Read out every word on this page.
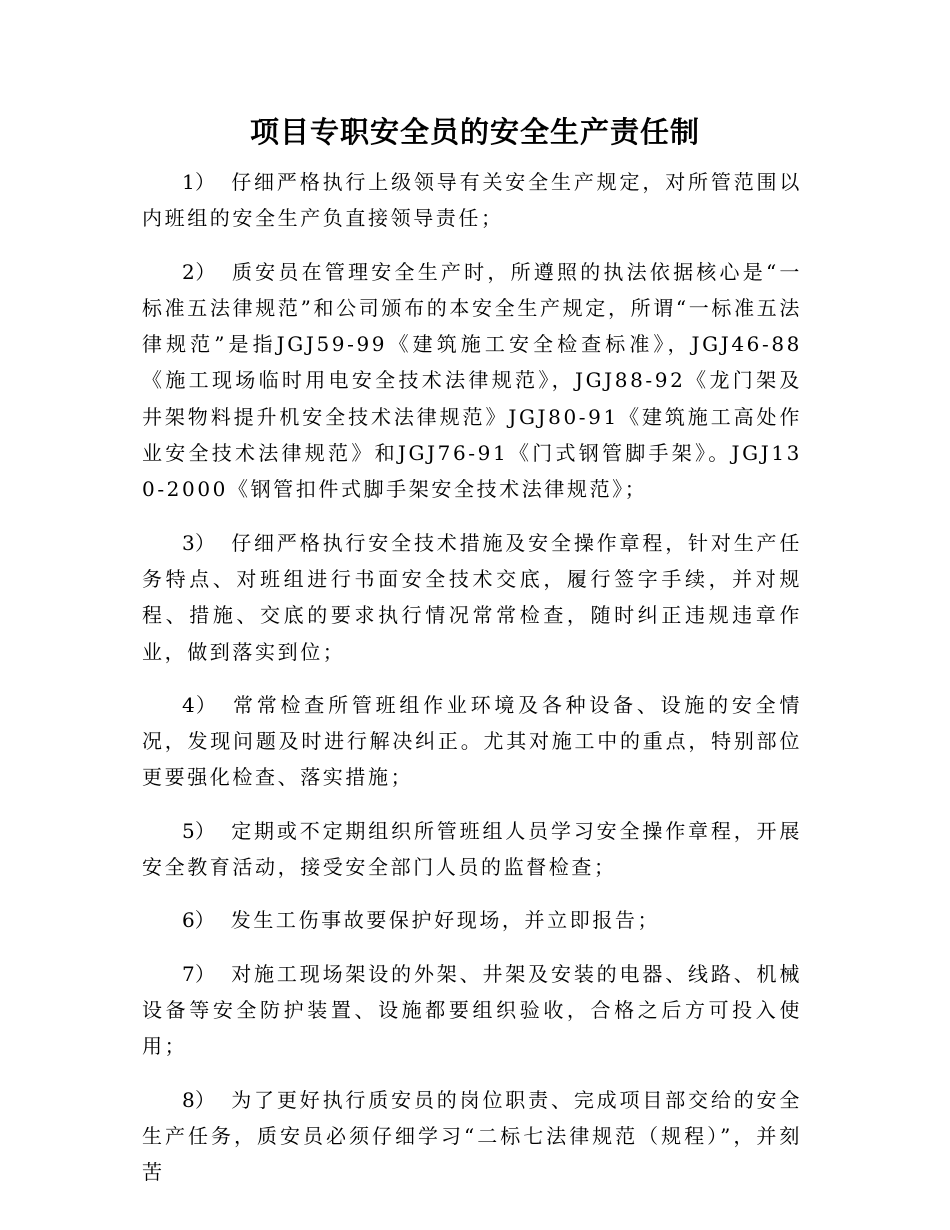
项目专职安全员的安全生产责任制

1） 仔细严格执行上级领导有关安全生产规定，对所管范围以内班组的安全生产负直接领导责任；

2） 质安员在管理安全生产时，所遵照的执法依据核心是“一标准五法律规范”和公司颁布的本安全生产规定，所谓“一标准五法律规范”是指JGJ59-99《建筑施工安全检查标准》，JGJ46-88《施工现场临时用电安全技术法律规范》，JGJ88-92《龙门架及井架物料提升机安全技术法律规范》JGJ80-91《建筑施工高处作业安全技术法律规范》和JGJ76-91《门式钢管脚手架》。JGJ130-2000《钢管扣件式脚手架安全技术法律规范》；

3） 仔细严格执行安全技术措施及安全操作章程，针对生产任务特点、对班组进行书面安全技术交底，履行签字手续，并对规程、措施、交底的要求执行情况常常检查，随时纠正违规违章作业，做到落实到位；

4） 常常检查所管班组作业环境及各种设备、设施的安全情况，发现问题及时进行解决纠正。尤其对施工中的重点，特别部位更要强化检查、落实措施；

5） 定期或不定期组织所管班组人员学习安全操作章程，开展安全教育活动，接受安全部门人员的监督检查；

6） 发生工伤事故要保护好现场，并立即报告；

7） 对施工现场架设的外架、井架及安装的电器、线路、机械设备等安全防护装置、设施都要组织验收，合格之后方可投入使用；

8） 为了更好执行质安员的岗位职责、完成项目部交给的安全生产任务，质安员必须仔细学习“二标七法律规范（规程）”，并刻苦
